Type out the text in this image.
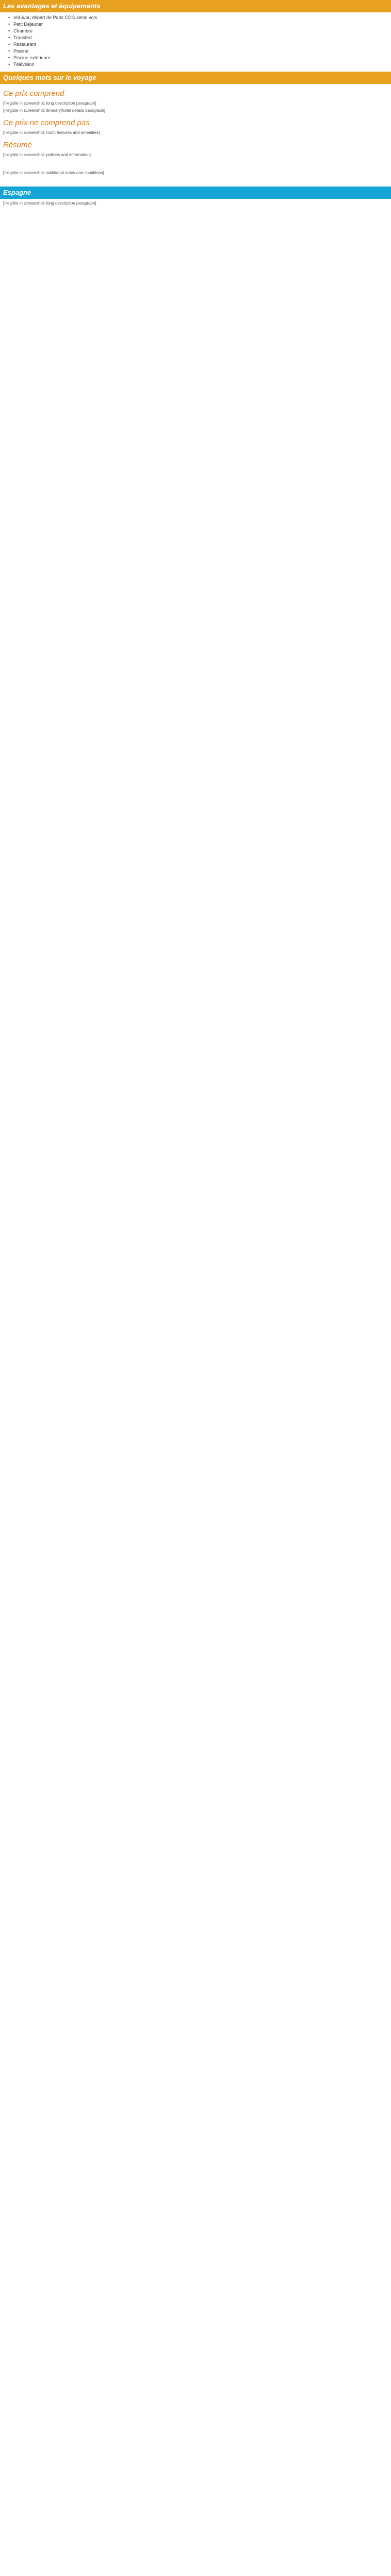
Les avantages et équipements
• Vol &/ou départ de Paris CDG selon vols
• Petit Déjeuner
• Chambre
• Transfert
• Restaurant
• Piscine
• Piscine extérieure
• Télévision
Quelques mots sur le voyage
Ce prix comprend
[Illegible in screenshot: long description paragraph]
[Illegible in screenshot: itinerary/hotel details paragraph]
Ce prix ne comprend pas
[Illegible in screenshot: room features and amenities]
Résumé
[Illegible in screenshot: policies and information]
[Illegible in screenshot: additional notes and conditions]
Espagne
[Illegible in screenshot: long description paragraph]
